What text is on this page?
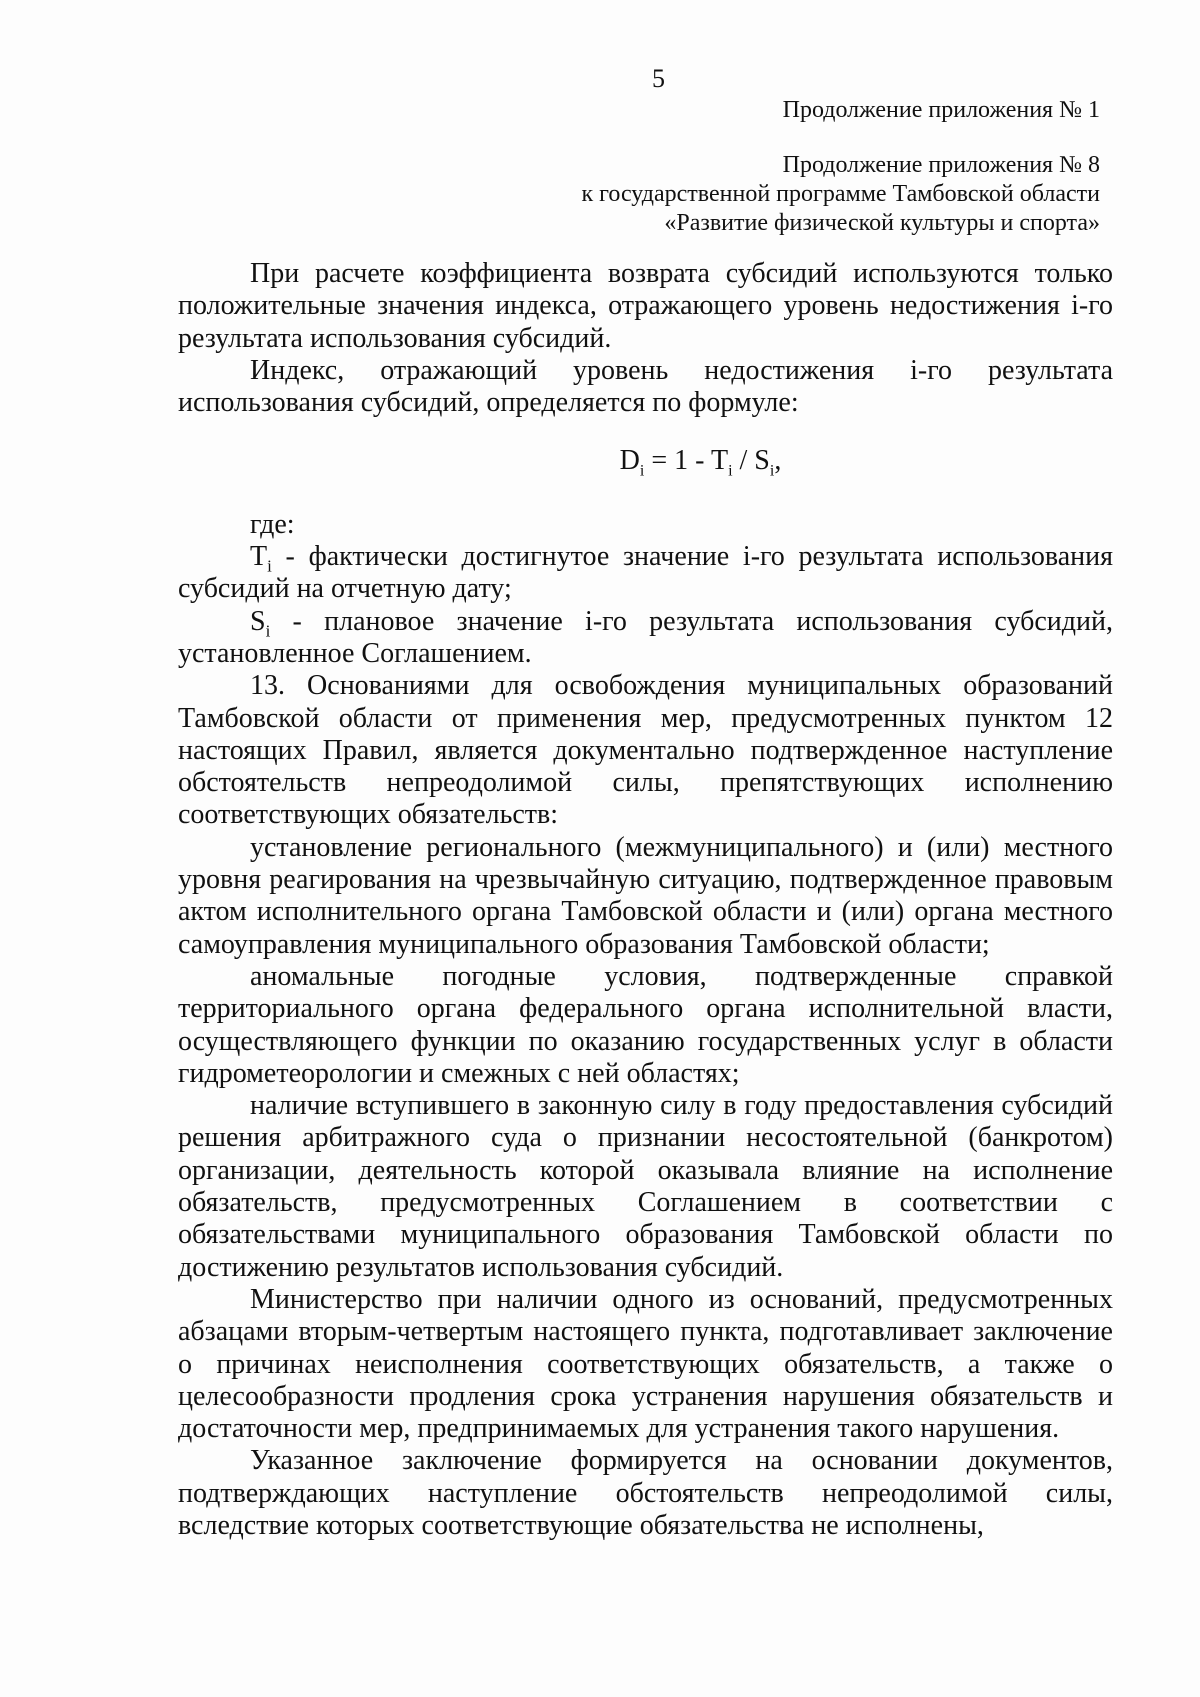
5
Продолжение приложения № 1
Продолжение приложения № 8
к государственной программе Тамбовской области
«Развитие физической культуры и спорта»

При расчете коэффициента возврата субсидий используются только положительные значения индекса, отражающего уровень недостижения i-го результата использования субсидий.

Индекс, отражающий уровень недостижения i-го результата использования субсидий, определяется по формуле:

$D_i = 1 - T_i / S_i$,

где:

$T_i$ - фактически достигнутое значение i-го результата использования субсидий на отчетную дату;

$S_i$ - плановое значение i-го результата использования субсидий, установленное Соглашением.

13. Основаниями для освобождения муниципальных образований Тамбовской области от применения мер, предусмотренных пунктом 12 настоящих Правил, является документально подтвержденное наступление обстоятельств непреодолимой силы, препятствующих исполнению соответствующих обязательств:

установление регионального (межмуниципального) и (или) местного уровня реагирования на чрезвычайную ситуацию, подтвержденное правовым актом исполнительного органа Тамбовской области и (или) органа местного самоуправления муниципального образования Тамбовской области;

аномальные погодные условия, подтвержденные справкой территориального органа федерального органа исполнительной власти, осуществляющего функции по оказанию государственных услуг в области гидрометеорологии и смежных с ней областях;

наличие вступившего в законную силу в году предоставления субсидий решения арбитражного суда о признании несостоятельной (банкротом) организации, деятельность которой оказывала влияние на исполнение обязательств, предусмотренных Соглашением в соответствии с обязательствами муниципального образования Тамбовской области по достижению результатов использования субсидий.

Министерство при наличии одного из оснований, предусмотренных абзацами вторым-четвертым настоящего пункта, подготавливает заключение о причинах неисполнения соответствующих обязательств, а также о целесообразности продления срока устранения нарушения обязательств и достаточности мер, предпринимаемых для устранения такого нарушения.

Указанное заключение формируется на основании документов, подтверждающих наступление обстоятельств непреодолимой силы, вследствие которых соответствующие обязательства не исполнены,
